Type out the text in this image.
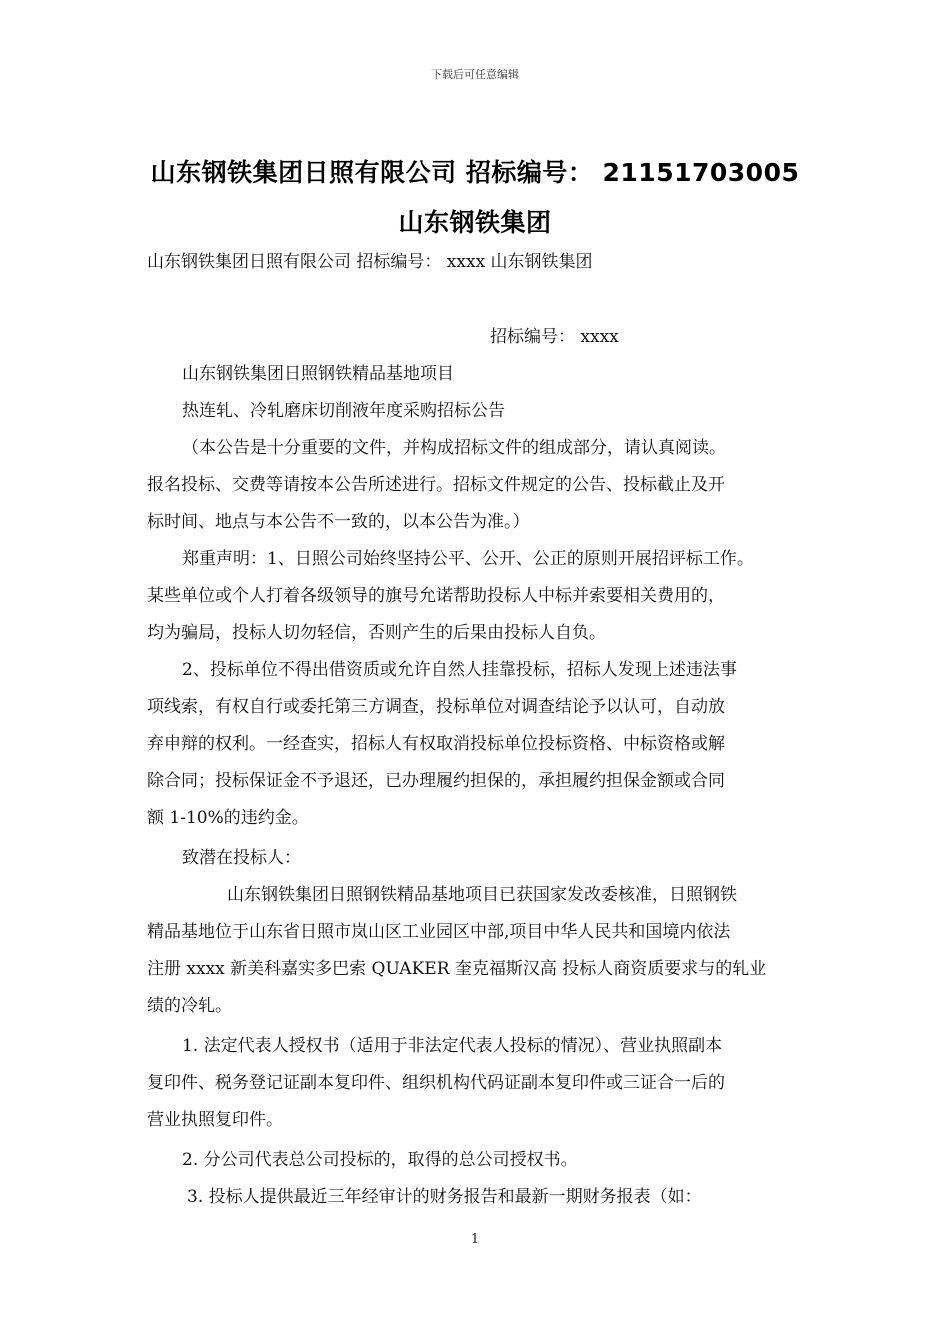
下载后可任意编辑
山东钢铁集团日照有限公司 招标编号： 21151703005
山东钢铁集团
山东钢铁集团日照有限公司 招标编号： xxxx 山东钢铁集团
招标编号： xxxx
山东钢铁集团日照钢铁精品基地项目
热连轧、冷轧磨床切削液年度采购招标公告
（本公告是十分重要的文件，并构成招标文件的组成部分，请认真阅读。
报名投标、交费等请按本公告所述进行。招标文件规定的公告、投标截止及开
标时间、地点与本公告不一致的，以本公告为准。）
郑重声明：1、日照公司始终坚持公平、公开、公正的原则开展招评标工作。
某些单位或个人打着各级领导的旗号允诺帮助投标人中标并索要相关费用的，
均为骗局，投标人切勿轻信，否则产生的后果由投标人自负。
2、投标单位不得出借资质或允许自然人挂靠投标，招标人发现上述违法事
项线索，有权自行或委托第三方调查，投标单位对调查结论予以认可，自动放
弃申辩的权利。一经查实，招标人有权取消投标单位投标资格、中标资格或解
除合同；投标保证金不予退还，已办理履约担保的，承担履约担保金额或合同
额 1-10%的违约金。
致潜在投标人：
山东钢铁集团日照钢铁精品基地项目已获国家发改委核准，日照钢铁
精品基地位于山东省日照市岚山区工业园区中部,项目中华人民共和国境内依法
注册 xxxx 新美科嘉实多巴索 QUAKER 奎克福斯汉高 投标人商资质要求与的轧业
绩的冷轧。
1. 法定代表人授权书（适用于非法定代表人投标的情况）、营业执照副本
复印件、税务登记证副本复印件、组织机构代码证副本复印件或三证合一后的
营业执照复印件。
2. 分公司代表总公司投标的，取得的总公司授权书。
3. 投标人提供最近三年经审计的财务报告和最新一期财务报表（如：
1
